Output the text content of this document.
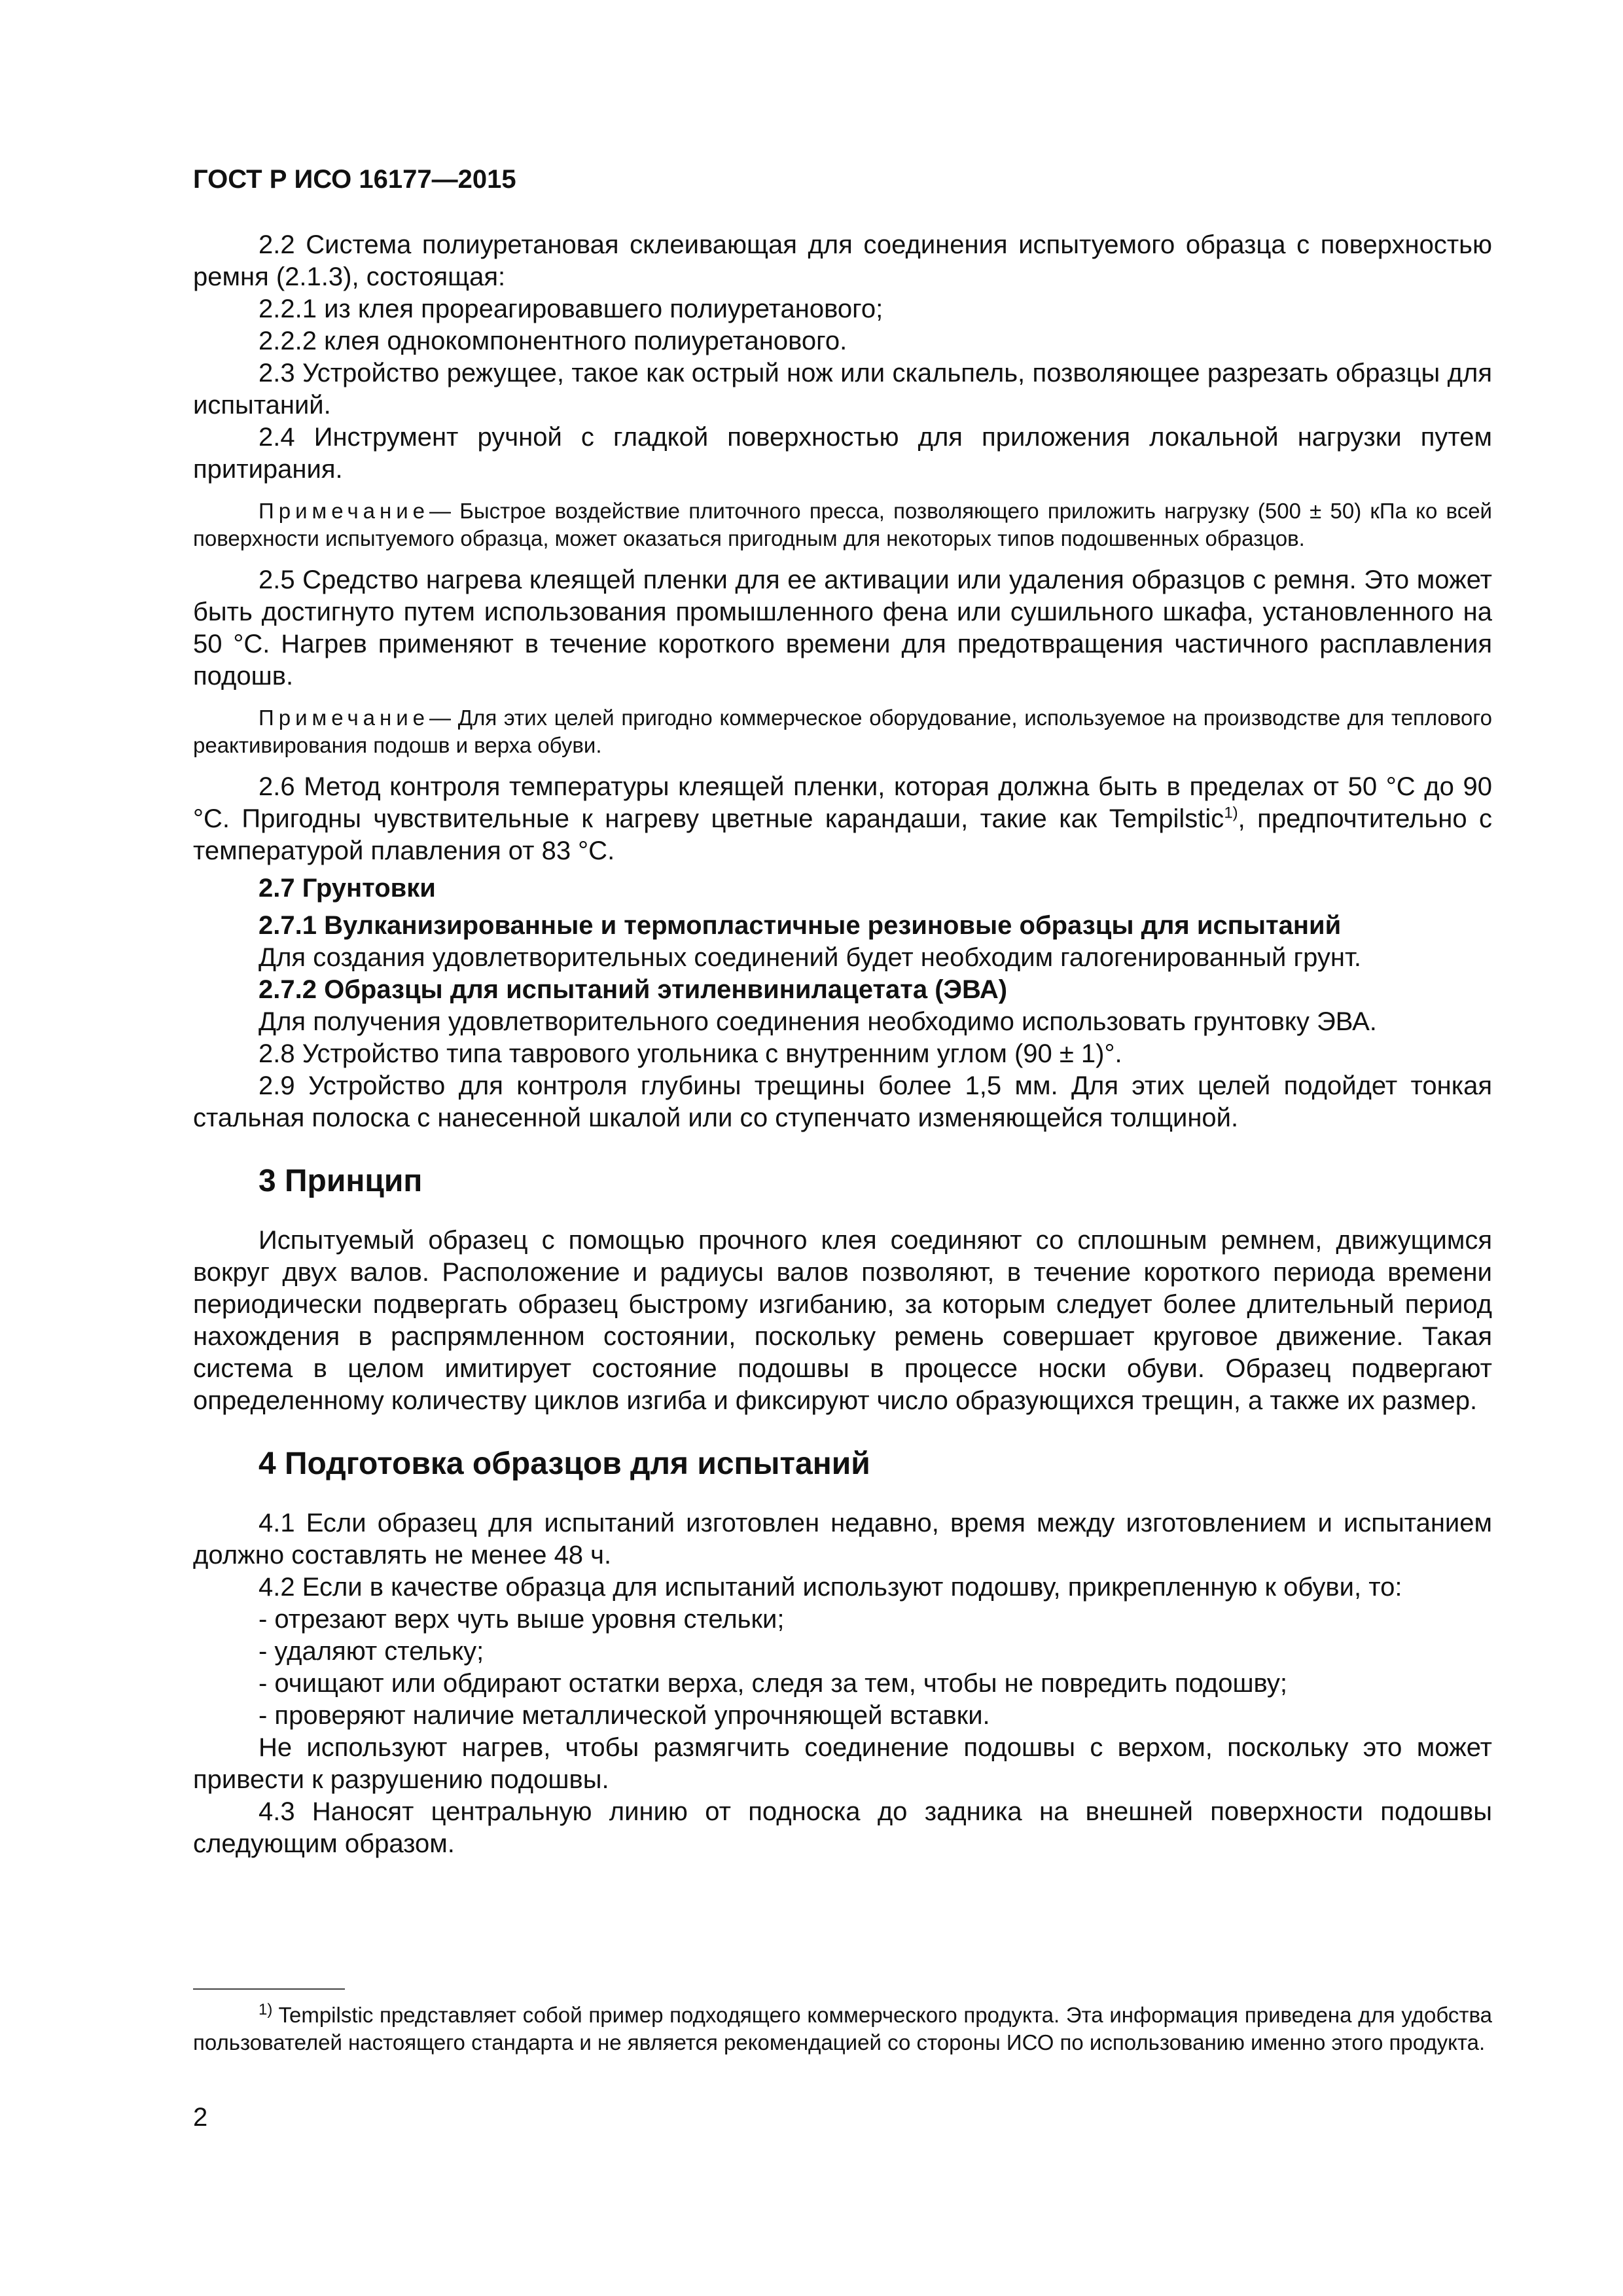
ГОСТ Р ИСО 16177—2015

2.2 Система полиуретановая склеивающая для соединения испытуемого образца с поверхностью ремня (2.1.3), состоящая:

2.2.1 из клея прореагировавшего полиуретанового;

2.2.2 клея однокомпонентного полиуретанового.

2.3 Устройство режущее, такое как острый нож или скальпель, позволяющее разрезать образцы для испытаний.

2.4 Инструмент ручной с гладкой поверхностью для приложения локальной нагрузки путем притирания.

Примечание— Быстрое воздействие плиточного пресса, позволяющего приложить нагрузку (500 ± 50) кПа ко всей поверхности испытуемого образца, может оказаться пригодным для некоторых типов подошвенных образцов.

2.5 Средство нагрева клеящей пленки для ее активации или удаления образцов с ремня. Это может быть достигнуто путем использования промышленного фена или сушильного шкафа, установленного на 50 °С. Нагрев применяют в течение короткого времени для предотвращения частичного расплавления подошв.

Примечание— Для этих целей пригодно коммерческое оборудование, используемое на производстве для теплового реактивирования подошв и верха обуви.

2.6 Метод контроля температуры клеящей пленки, которая должна быть в пределах от 50 °С до 90 °С. Пригодны чувствительные к нагреву цветные карандаши, такие как Tempilstic$^{1)}$, предпочтительно с температурой плавления от 83 °С.

2.7 Грунтовки

2.7.1 Вулканизированные и термопластичные резиновые образцы для испытаний

Для создания удовлетворительных соединений будет необходим галогенированный грунт.

2.7.2 Образцы для испытаний этиленвинилацетата (ЭВА)

Для получения удовлетворительного соединения необходимо использовать грунтовку ЭВА.

2.8 Устройство типа таврового угольника с внутренним углом (90 ± 1)°.

2.9 Устройство для контроля глубины трещины более 1,5 мм. Для этих целей подойдет тонкая стальная полоска с нанесенной шкалой или со ступенчато изменяющейся толщиной.

3 Принцип

Испытуемый образец с помощью прочного клея соединяют со сплошным ремнем, движущимся вокруг двух валов. Расположение и радиусы валов позволяют, в течение короткого периода времени периодически подвергать образец быстрому изгибанию, за которым следует более длительный период нахождения в распрямленном состоянии, поскольку ремень совершает круговое движение. Такая система в целом имитирует состояние подошвы в процессе носки обуви. Образец подвергают определенному количеству циклов изгиба и фиксируют число образующихся трещин, а также их размер.

4 Подготовка образцов для испытаний

4.1 Если образец для испытаний изготовлен недавно, время между изготовлением и испытанием должно составлять не менее 48 ч.

4.2 Если в качестве образца для испытаний используют подошву, прикрепленную к обуви, то:

- отрезают верх чуть выше уровня стельки;

- удаляют стельку;

- очищают или обдирают остатки верха, следя за тем, чтобы не повредить подошву;

- проверяют наличие металлической упрочняющей вставки.

Не используют нагрев, чтобы размягчить соединение подошвы с верхом, поскольку это может привести к разрушению подошвы.

4.3 Наносят центральную линию от подноска до задника на внешней поверхности подошвы следующим образом.

$^{1)}$ Tempilstic представляет собой пример подходящего коммерческого продукта. Эта информация приведена для удобства пользователей настоящего стандарта и не является рекомендацией со стороны ИСО по использованию именно этого продукта.

2
